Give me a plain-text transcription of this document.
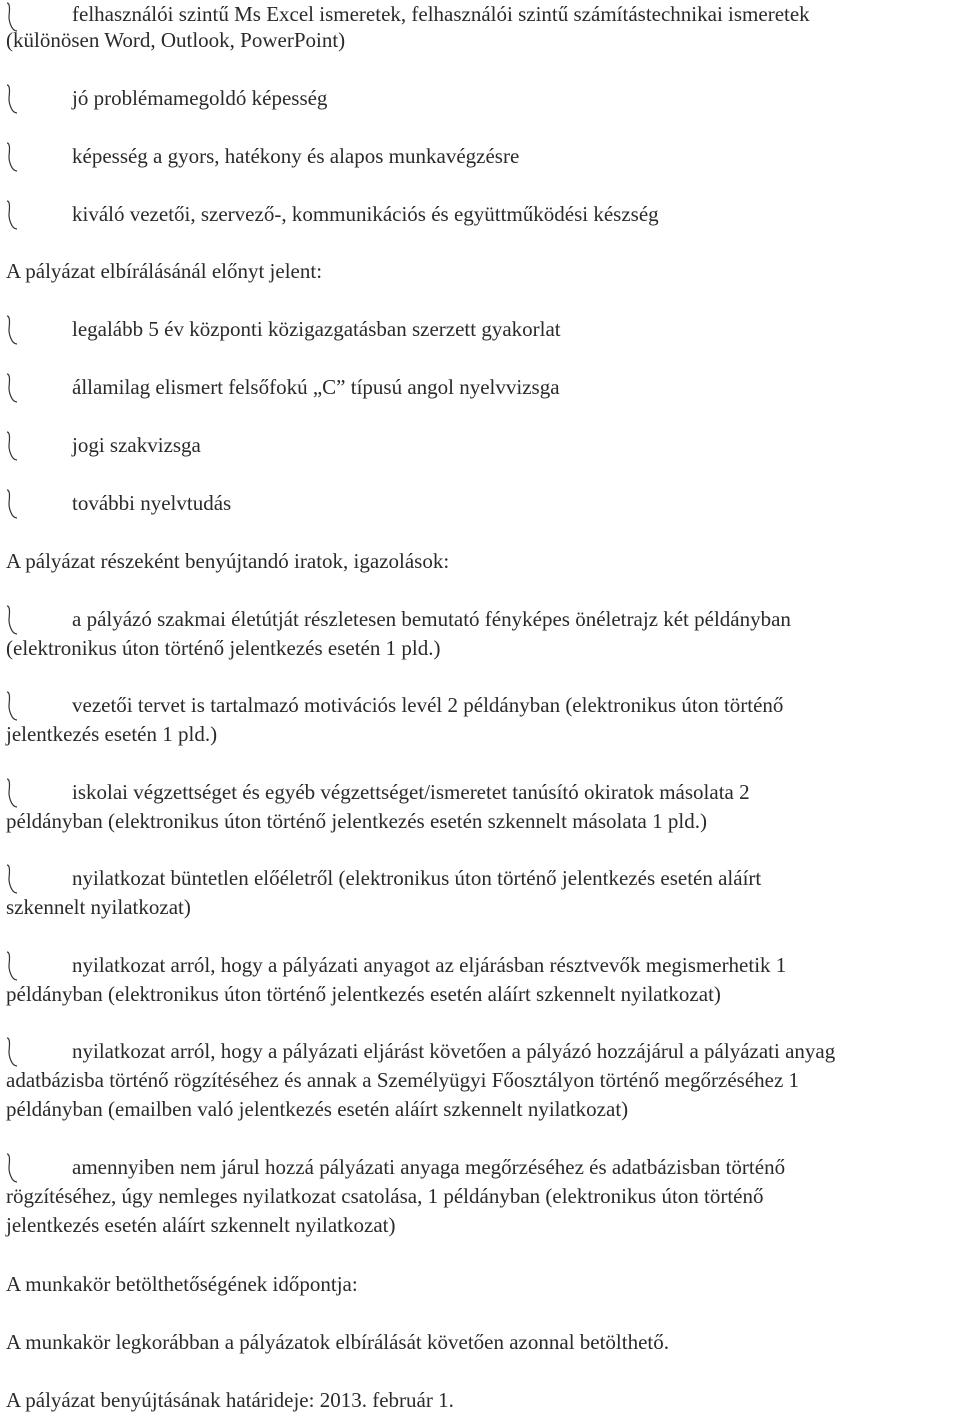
felhasználói szintű Ms Excel ismeretek, felhasználói szintű számítástechnikai ismeretek
(különösen Word, Outlook, PowerPoint)
jó problémamegoldó képesség
képesség a gyors, hatékony és alapos munkavégzésre
kiváló vezetői, szervező-, kommunikációs és együttműködési készség
A pályázat elbírálásánál előnyt jelent:
legalább 5 év központi közigazgatásban szerzett gyakorlat
államilag elismert felsőfokú „C” típusú angol nyelvvizsga
jogi szakvizsga
további nyelvtudás
A pályázat részeként benyújtandó iratok, igazolások:
a pályázó szakmai életútját részletesen bemutató fényképes önéletrajz két példányban
(elektronikus úton történő jelentkezés esetén 1 pld.)
vezetői tervet is tartalmazó motivációs levél 2 példányban (elektronikus úton történő
jelentkezés esetén 1 pld.)
iskolai végzettséget és egyéb végzettséget/ismeretet tanúsító okiratok másolata 2
példányban (elektronikus úton történő jelentkezés esetén szkennelt másolata 1 pld.)
nyilatkozat büntetlen előéletről (elektronikus úton történő jelentkezés esetén aláírt
szkennelt nyilatkozat)
nyilatkozat arról, hogy a pályázati anyagot az eljárásban résztvevők megismerhetik 1
példányban (elektronikus úton történő jelentkezés esetén aláírt szkennelt nyilatkozat)
nyilatkozat arról, hogy a pályázati eljárást követően a pályázó hozzájárul a pályázati anyag
adatbázisba történő rögzítéséhez és annak a Személyügyi Főosztályon történő megőrzéséhez 1
példányban (emailben való jelentkezés esetén aláírt szkennelt nyilatkozat)
amennyiben nem járul hozzá pályázati anyaga megőrzéséhez és adatbázisban történő
rögzítéséhez, úgy nemleges nyilatkozat csatolása, 1 példányban (elektronikus úton történő
jelentkezés esetén aláírt szkennelt nyilatkozat)
A munkakör betölthetőségének időpontja:
A munkakör legkorábban a pályázatok elbírálását követően azonnal betölthető.
A pályázat benyújtásának határideje: 2013. február 1.
